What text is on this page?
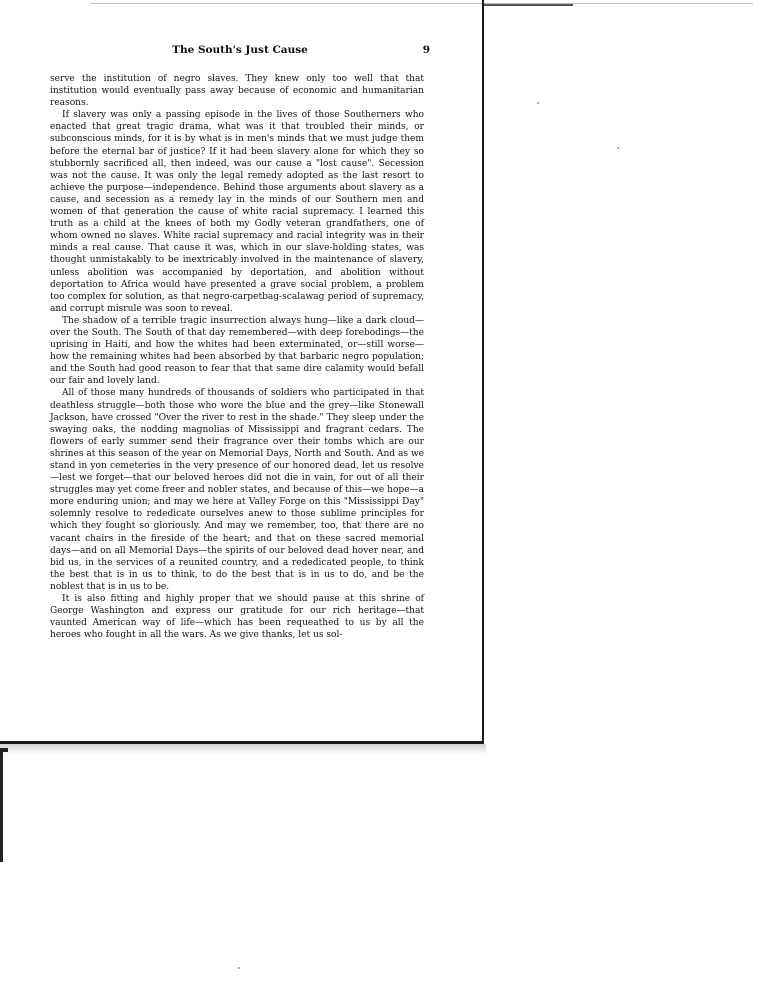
The South's Just Cause	9

serve the institution of negro slaves. They knew only too well that that institution would eventually pass away because of economic and humanitarian reasons.

If slavery was only a passing episode in the lives of those Southerners who enacted that great tragic drama, what was it that troubled their minds, or subconscious minds, for it is by what is in men's minds that we must judge them before the eternal bar of justice? If it had been slavery alone for which they so stubbornly sacrificed all, then indeed, was our cause a "lost cause". Secession was not the cause. It was only the legal remedy adopted as the last resort to achieve the purpose—independence. Behind those arguments about slavery as a cause, and secession as a remedy lay in the minds of our Southern men and women of that generation the cause of white racial supremacy. I learned this truth as a child at the knees of both my Godly veteran grandfathers, one of whom owned no slaves. White racial supremacy and racial integrity was in their minds a real cause. That cause it was, which in our slave-holding states, was thought unmistakably to be inextricably involved in the maintenance of slavery, unless abolition was accompanied by deportation, and abolition without deportation to Africa would have presented a grave social problem, a problem too complex for solution, as that negro-carpetbag-scalawag period of supremacy, and corrupt misrule was soon to reveal.

The shadow of a terrible tragic insurrection always hung—like a dark cloud—over the South. The South of that day remembered—with deep forebodings—the uprising in Haiti, and how the whites had been exterminated, or—still worse—how the remaining whites had been absorbed by that barbaric negro population; and the South had good reason to fear that that same dire calamity would befall our fair and lovely land.

All of those many hundreds of thousands of soldiers who participated in that deathless struggle—both those who wore the blue and the grey—like Stonewall Jackson, have crossed "Over the river to rest in the shade." They sleep under the swaying oaks, the nodding magnolias of Mississippi and fragrant cedars. The flowers of early summer send their fragrance over their tombs which are our shrines at this season of the year on Memorial Days, North and South. And as we stand in yon cemeteries in the very presence of our honored dead, let us resolve—lest we forget—that our beloved heroes did not die in vain, for out of all their struggles may yet come freer and nobler states, and because of this—we hope—a more enduring union; and may we here at Valley Forge on this "Mississippi Day" solemnly resolve to rededicate ourselves anew to those sublime principles for which they fought so gloriously. And may we remember, too, that there are no vacant chairs in the fireside of the heart; and that on these sacred memorial days—and on all Memorial Days—the spirits of our beloved dead hover near, and bid us, in the services of a reunited country, and a rededicated people, to think the best that is in us to think, to do the best that is in us to do, and be the noblest that is in us to be.

It is also fitting and highly proper that we should pause at this shrine of George Washington and express our gratitude for our rich heritage—that vaunted American way of life—which has been requeathed to us by all the heroes who fought in all the wars. As we give thanks, let us sol-
